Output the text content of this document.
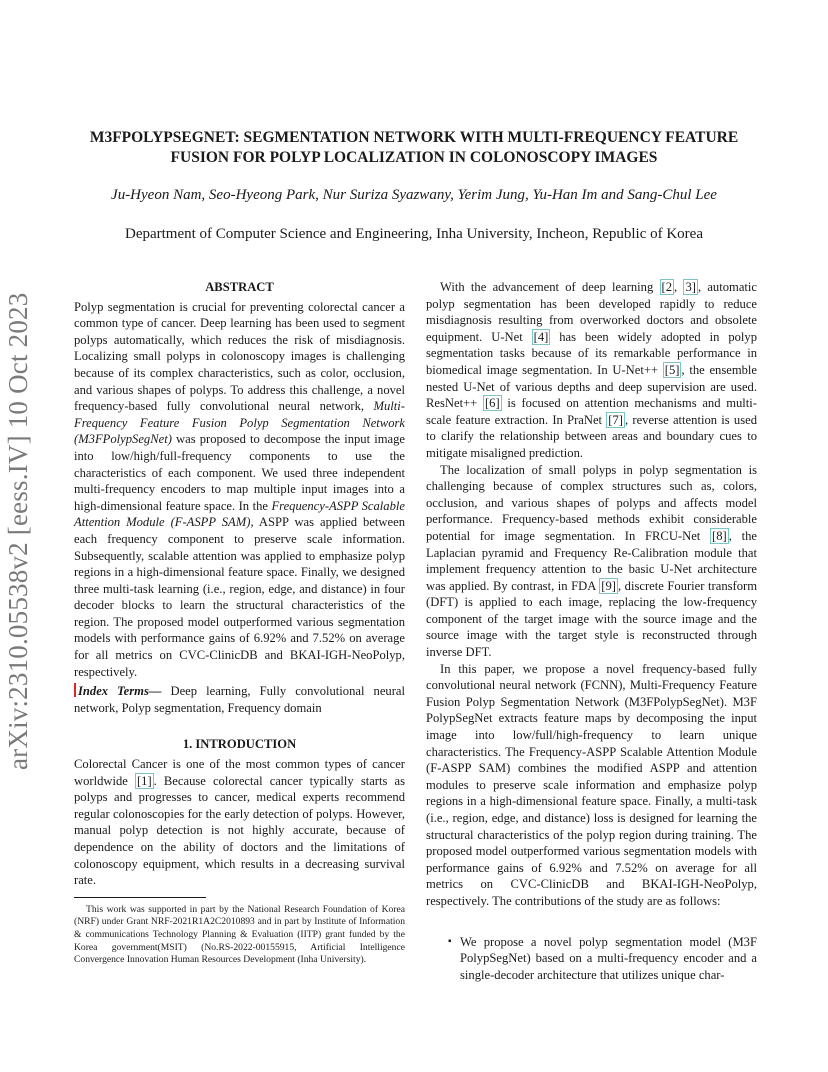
arXiv:2310.05538v2 [eess.IV] 10 Oct 2023
M3FPOLYPSEGNET: SEGMENTATION NETWORK WITH MULTI-FREQUENCY FEATURE
FUSION FOR POLYP LOCALIZATION IN COLONOSCOPY IMAGES
Ju-Hyeon Nam, Seo-Hyeong Park, Nur Suriza Syazwany, Yerim Jung, Yu-Han Im and Sang-Chul Lee
Department of Computer Science and Engineering, Inha University, Incheon, Republic of Korea
ABSTRACT

Polyp segmentation is crucial for preventing colorectal cancer a common type of cancer. Deep learning has been used to segment polyps automatically, which reduces the risk of misdiagnosis. Localizing small polyps in colonoscopy images is challenging because of its complex characteristics, such as color, occlusion, and various shapes of polyps. To address this challenge, a novel frequency-based fully convolutional neural network, Multi-Frequency Feature Fusion Polyp Segmentation Network (M3FPolypSegNet) was proposed to decompose the input image into low/high/full-frequency components to use the characteristics of each component. We used three independent multi-frequency encoders to map multiple input images into a high-dimensional feature space. In the Frequency-ASPP Scalable Attention Module (F-ASPP SAM), ASPP was applied between each frequency component to preserve scale information. Subsequently, scalable attention was applied to emphasize polyp regions in a high-dimensional feature space. Finally, we designed three multi-task learning (i.e., region, edge, and distance) in four decoder blocks to learn the structural characteristics of the region. The proposed model outperformed various segmentation models with performance gains of 6.92% and 7.52% on average for all metrics on CVC-ClinicDB and BKAI-IGH-NeoPolyp, respectively.

Index Terms— Deep learning, Fully convolutional neural network, Polyp segmentation, Frequency domain

1. INTRODUCTION

Colorectal Cancer is one of the most common types of cancer worldwide [1] . Because colorectal cancer typically starts as polyps and progresses to cancer, medical experts recommend regular colonoscopies for the early detection of polyps. However, manual polyp detection is not highly accurate, because of dependence on the ability of doctors and the limitations of colonoscopy equipment, which results in a decreasing survival rate.

This work was supported in part by the National Research Foundation of Korea (NRF) under Grant NRF-2021R1A2C2010893 and in part by Institute of Information & communications Technology Planning & Evaluation (IITP) grant funded by the Korea government(MSIT) (No.RS-2022-00155915, Artificial Intelligence Convergence Innovation Human Resources Development (Inha University).

With the advancement of deep learning [2 , 3] , automatic polyp segmentation has been developed rapidly to reduce misdiagnosis resulting from overworked doctors and obsolete equipment. U-Net [4] has been widely adopted in polyp segmentation tasks because of its remarkable performance in biomedical image segmentation. In U-Net++ [5] , the ensemble nested U-Net of various depths and deep supervision are used. ResNet++ [6] is focused on attention mechanisms and multi-scale feature extraction. In PraNet [7] , reverse attention is used to clarify the relationship between areas and boundary cues to mitigate misaligned prediction.

The localization of small polyps in polyp segmentation is challenging because of complex structures such as, colors, occlusion, and various shapes of polyps and affects model performance. Frequency-based methods exhibit considerable potential for image segmentation. In FRCU-Net [8] , the Laplacian pyramid and Frequency Re-Calibration module that implement frequency attention to the basic U-Net architecture was applied. By contrast, in FDA [9] , discrete Fourier transform (DFT) is applied to each image, replacing the low-frequency component of the target image with the source image and the source image with the target style is reconstructed through inverse DFT.

In this paper, we propose a novel frequency-based fully convolutional neural network (FCNN), Multi-Frequency Feature Fusion Polyp Segmentation Network (M3FPolypSegNet). M3F PolypSegNet extracts feature maps by decomposing the input image into low/full/high-frequency to learn unique characteristics. The Frequency-ASPP Scalable Attention Module (F-ASPP SAM) combines the modified ASPP and attention modules to preserve scale information and emphasize polyp regions in a high-dimensional feature space. Finally, a multi-task (i.e., region, edge, and distance) loss is designed for learning the structural characteristics of the polyp region during training. The proposed model outperformed various segmentation models with performance gains of 6.92% and 7.52% on average for all metrics on CVC-ClinicDB and BKAI-IGH-NeoPolyp, respectively. The contributions of the study are as follows:

▪ We propose a novel polyp segmentation model (M3F PolypSegNet) based on a multi-frequency encoder and a single-decoder architecture that utilizes unique char-
